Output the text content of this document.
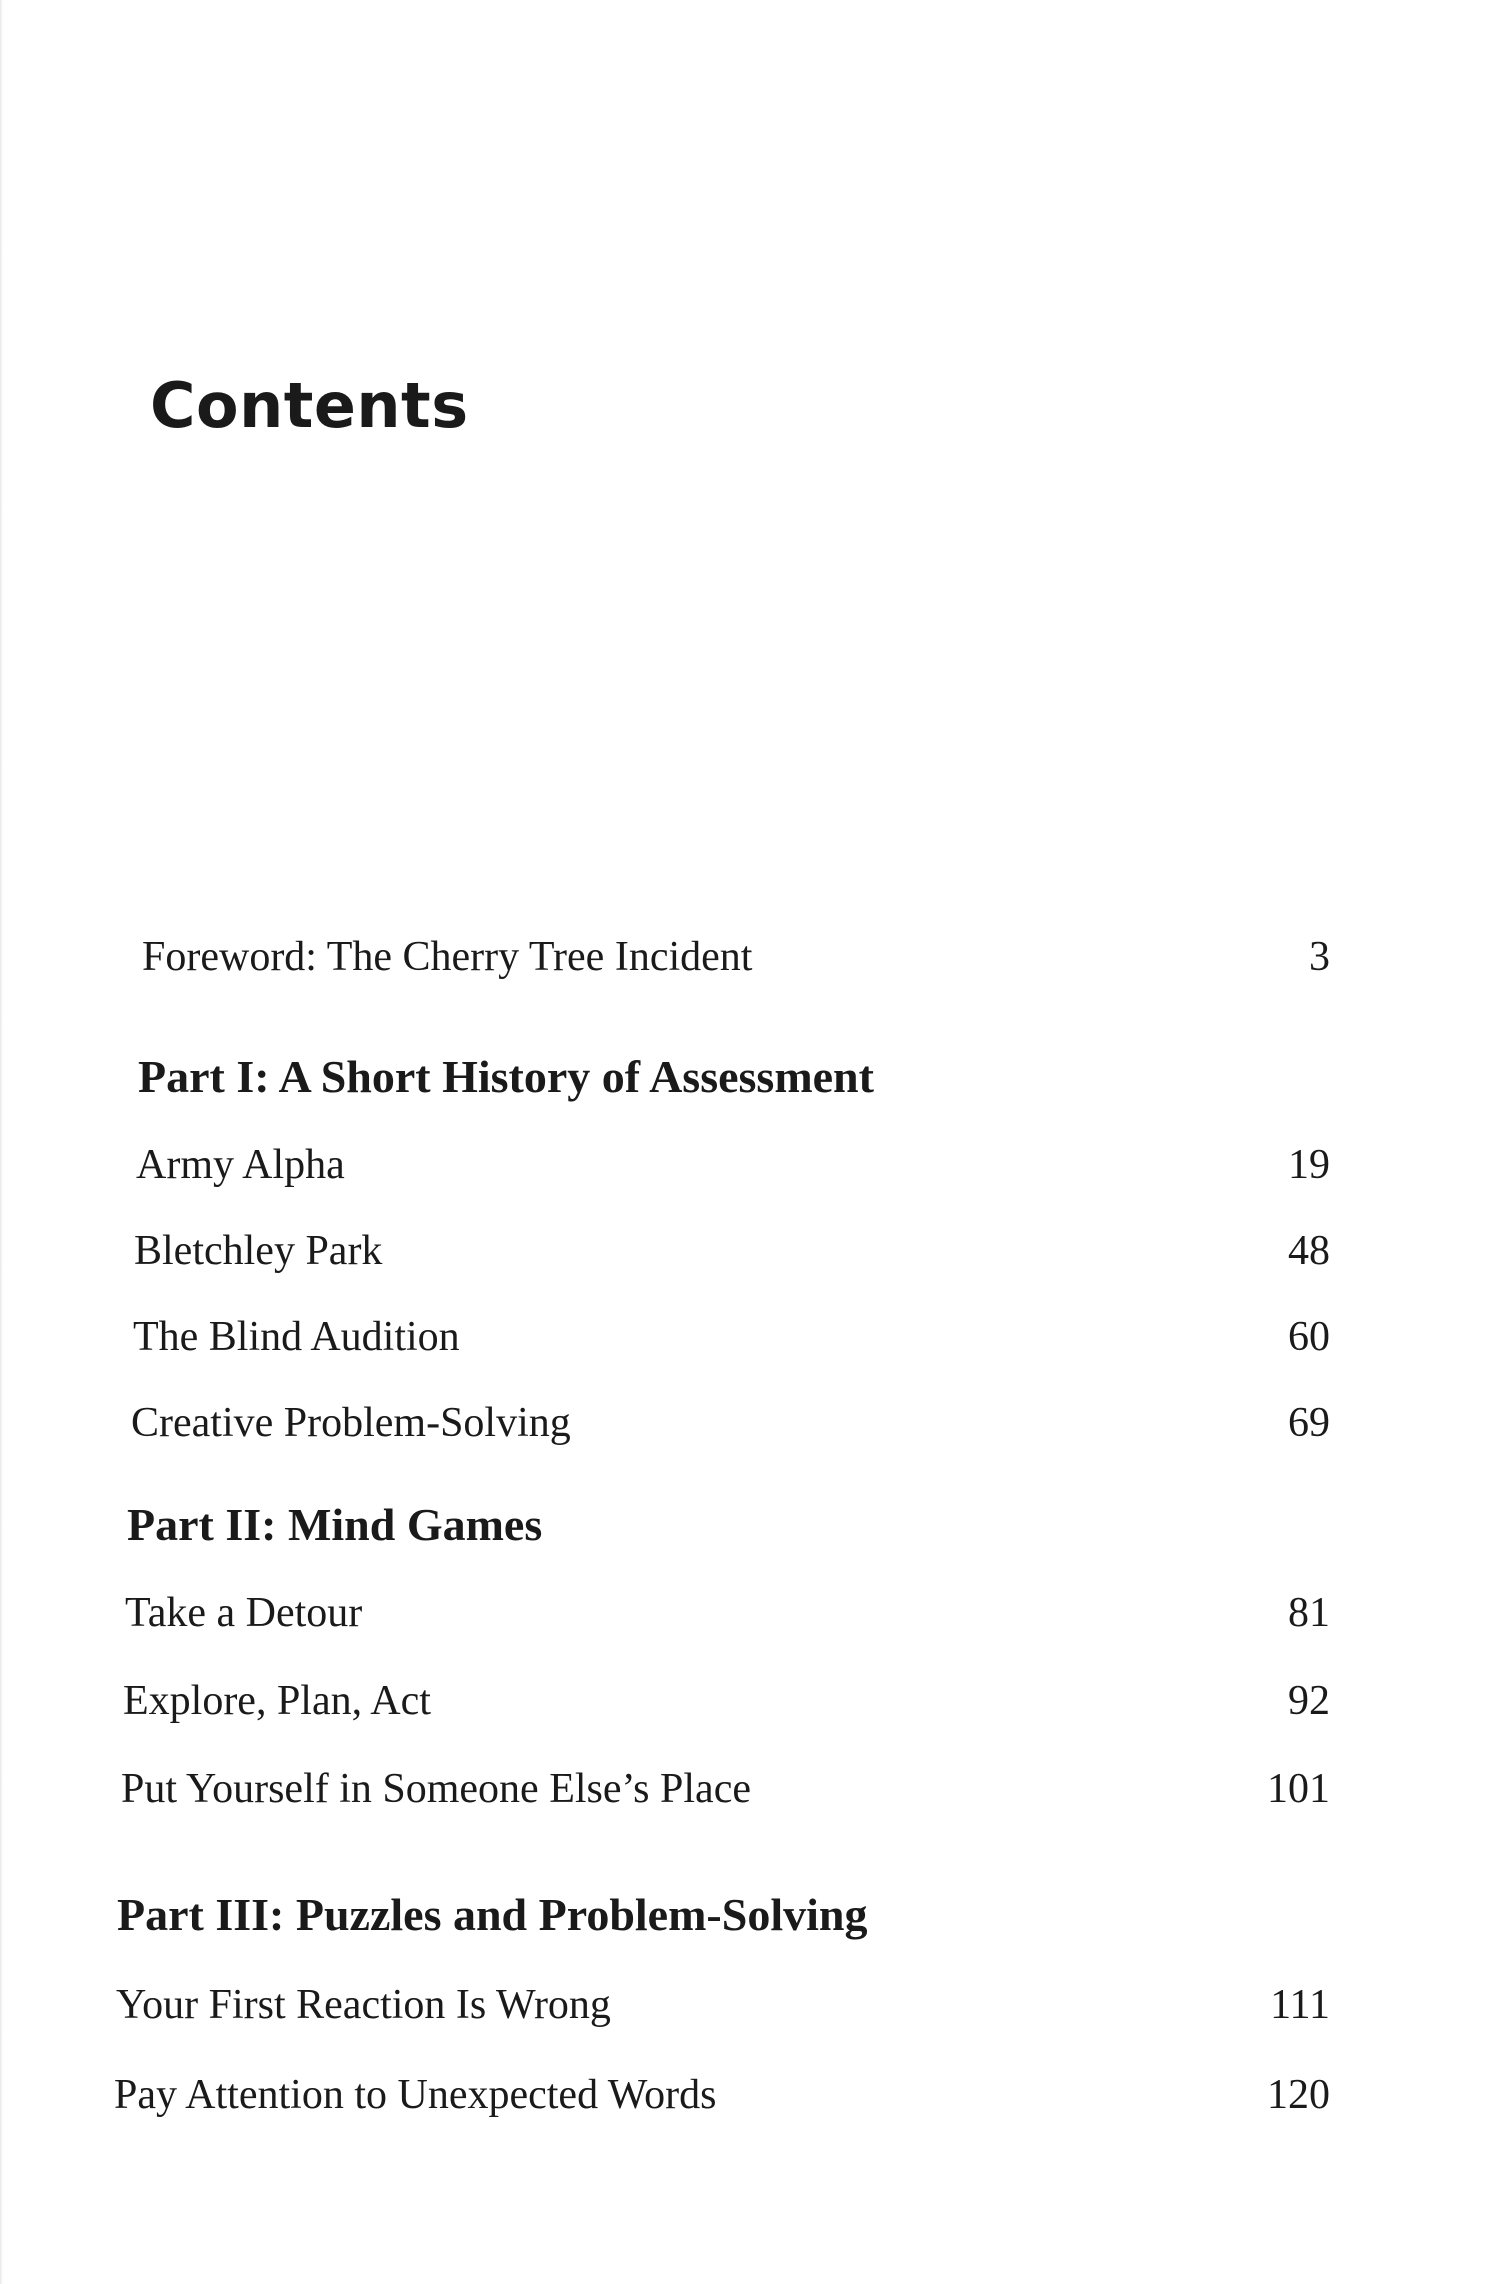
Contents
Foreword: The Cherry Tree Incident	3
Part I: A Short History of Assessment
Army Alpha	19
Bletchley Park	48
The Blind Audition	60
Creative Problem-Solving	69
Part II: Mind Games
Take a Detour	81
Explore, Plan, Act	92
Put Yourself in Someone Else’s Place	101
Part III: Puzzles and Problem-Solving
Your First Reaction Is Wrong	111
Pay Attention to Unexpected Words	120
